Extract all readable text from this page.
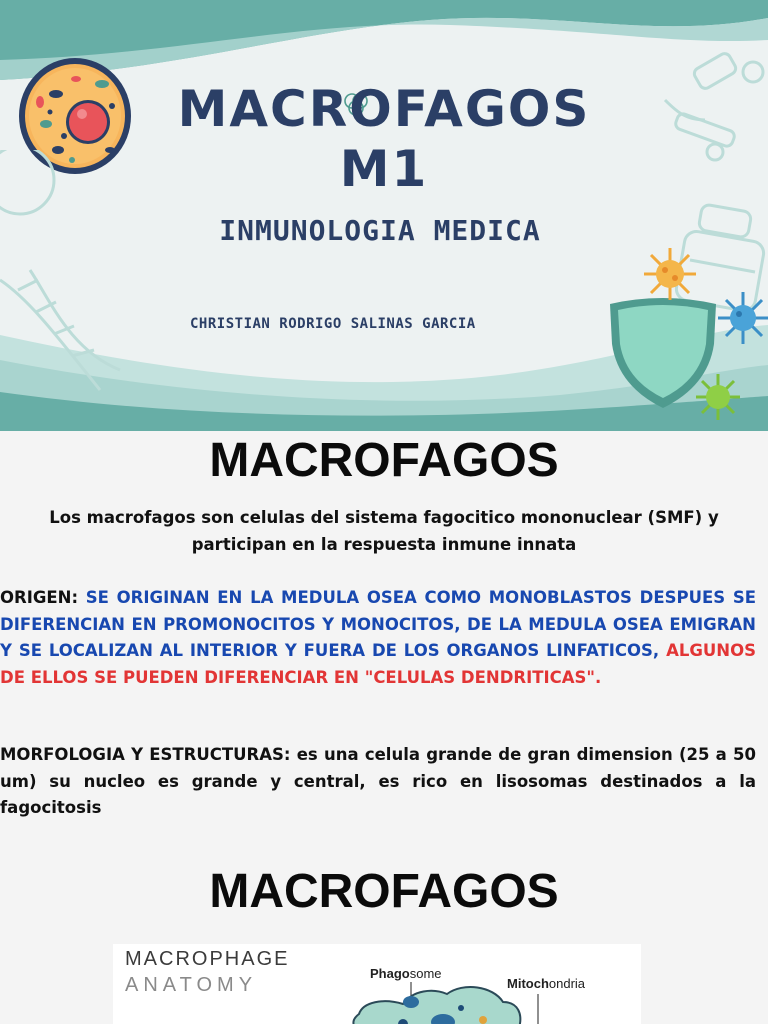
MACROFAGOS
M1
INMUNOLOGIA MEDICA
CHRISTIAN RODRIGO SALINAS GARCIA
MACROFAGOS
Los macrofagos son celulas del sistema fagocitico mononuclear (SMF) y participan en la respuesta inmune innata
ORIGEN: SE ORIGINAN EN LA MEDULA OSEA COMO MONOBLASTOS DESPUES SE DIFERENCIAN EN PROMONOCITOS Y MONOCITOS, DE LA MEDULA OSEA EMIGRAN Y SE LOCALIZAN AL INTERIOR Y FUERA DE LOS ORGANOS LINFATICOS, ALGUNOS DE ELLOS SE PUEDEN DIFERENCIAR EN "CELULAS DENDRITICAS".
MORFOLOGIA Y ESTRUCTURAS: es una celula grande de gran dimension (25 a 50 um) su nucleo es grande y central, es rico en lisosomas destinados a la fagocitosis
MACROFAGOS
MACROPHAGE
ANATOMY
Phagosome
Mitochondria
